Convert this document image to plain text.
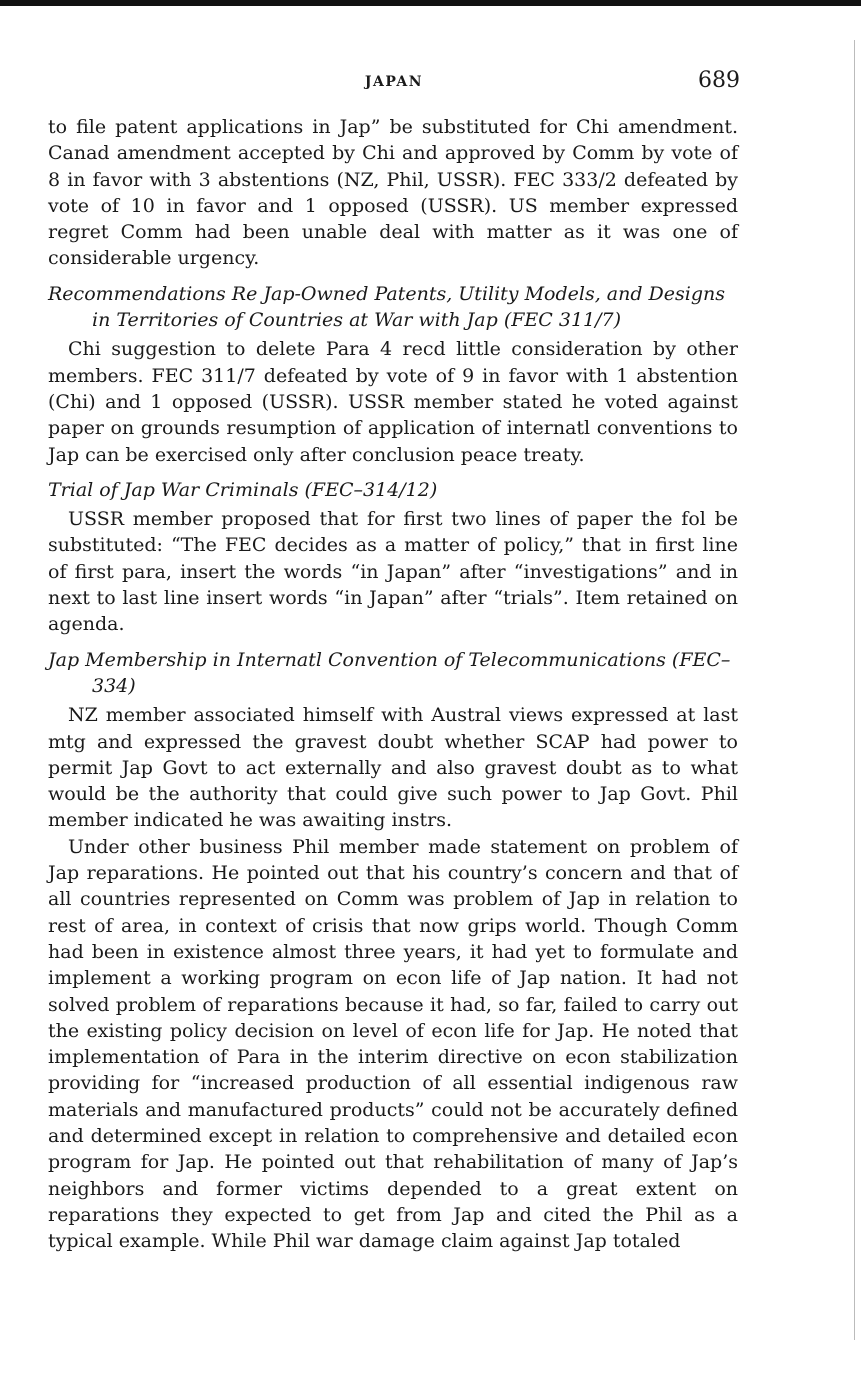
JAPAN	689

to file patent applications in Jap” be substituted for Chi amendment. Canad amendment accepted by Chi and approved by Comm by vote of 8 in favor with 3 abstentions (NZ, Phil, USSR). FEC 333/2 defeated by vote of 10 in favor and 1 opposed (USSR). US member expressed regret Comm had been unable deal with matter as it was one of considerable urgency.

Recommendations Re Jap-Owned Patents, Utility Models, and Designs in Territories of Countries at War with Jap (FEC 311/7)

Chi suggestion to delete Para 4 recd little consideration by other members. FEC 311/7 defeated by vote of 9 in favor with 1 abstention (Chi) and 1 opposed (USSR). USSR member stated he voted against paper on grounds resumption of application of internatl conventions to Jap can be exercised only after conclusion peace treaty.

Trial of Jap War Criminals (FEC–314/12)

USSR member proposed that for first two lines of paper the fol be substituted: “The FEC decides as a matter of policy,” that in first line of first para, insert the words “in Japan” after “investigations” and in next to last line insert words “in Japan” after “trials”. Item retained on agenda.

Jap Membership in Internatl Convention of Telecommunications (FEC–334)

NZ member associated himself with Austral views expressed at last mtg and expressed the gravest doubt whether SCAP had power to permit Jap Govt to act externally and also gravest doubt as to what would be the authority that could give such power to Jap Govt. Phil member indicated he was awaiting instrs.

Under other business Phil member made statement on problem of Jap reparations. He pointed out that his country’s concern and that of all countries represented on Comm was problem of Jap in relation to rest of area, in context of crisis that now grips world. Though Comm had been in existence almost three years, it had yet to formulate and implement a working program on econ life of Jap nation. It had not solved problem of reparations because it had, so far, failed to carry out the existing policy decision on level of econ life for Jap. He noted that implementation of Para in the interim directive on econ stabilization providing for “increased production of all essential indigenous raw materials and manufactured products” could not be accurately defined and determined except in relation to comprehensive and detailed econ program for Jap. He pointed out that rehabilitation of many of Jap’s neighbors and former victims depended to a great extent on reparations they expected to get from Jap and cited the Phil as a typical example. While Phil war damage claim against Jap totaled
